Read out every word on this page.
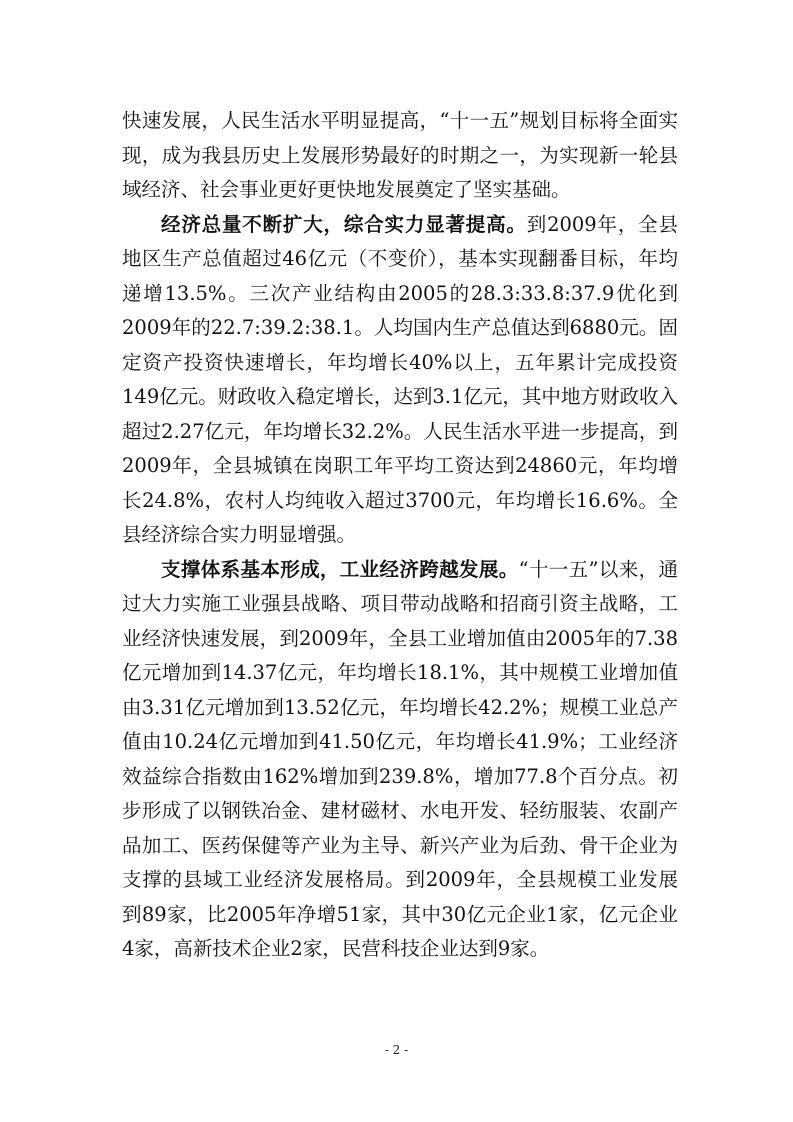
快速发展，人民生活水平明显提高，“十一五”规划目标将全面实现，成为我县历史上发展形势最好的时期之一，为实现新一轮县域经济、社会事业更好更快地发展奠定了坚实基础。

经济总量不断扩大，综合实力显著提高。到2009年，全县地区生产总值超过46亿元（不变价），基本实现翻番目标，年均递增13.5%。三次产业结构由2005的28.3:33.8:37.9优化到2009年的22.7:39.2:38.1。人均国内生产总值达到6880元。固定资产投资快速增长，年均增长40%以上，五年累计完成投资149亿元。财政收入稳定增长，达到3.1亿元，其中地方财政收入超过2.27亿元，年均增长32.2%。人民生活水平进一步提高，到2009年，全县城镇在岗职工年平均工资达到24860元，年均增长24.8%，农村人均纯收入超过3700元，年均增长16.6%。全县经济综合实力明显增强。

支撑体系基本形成，工业经济跨越发展。“十一五”以来，通过大力实施工业强县战略、项目带动战略和招商引资主战略，工业经济快速发展，到2009年，全县工业增加值由2005年的7.38亿元增加到14.37亿元，年均增长18.1%，其中规模工业增加值由3.31亿元增加到13.52亿元，年均增长42.2%；规模工业总产值由10.24亿元增加到41.50亿元，年均增长41.9%；工业经济效益综合指数由162%增加到239.8%，增加77.8个百分点。初步形成了以钢铁冶金、建材磁材、水电开发、轻纺服装、农副产品加工、医药保健等产业为主导、新兴产业为后劲、骨干企业为支撑的县域工业经济发展格局。到2009年，全县规模工业发展到89家，比2005年净增51家，其中30亿元企业1家，亿元企业4家，高新技术企业2家，民营科技企业达到9家。

- 2 -
